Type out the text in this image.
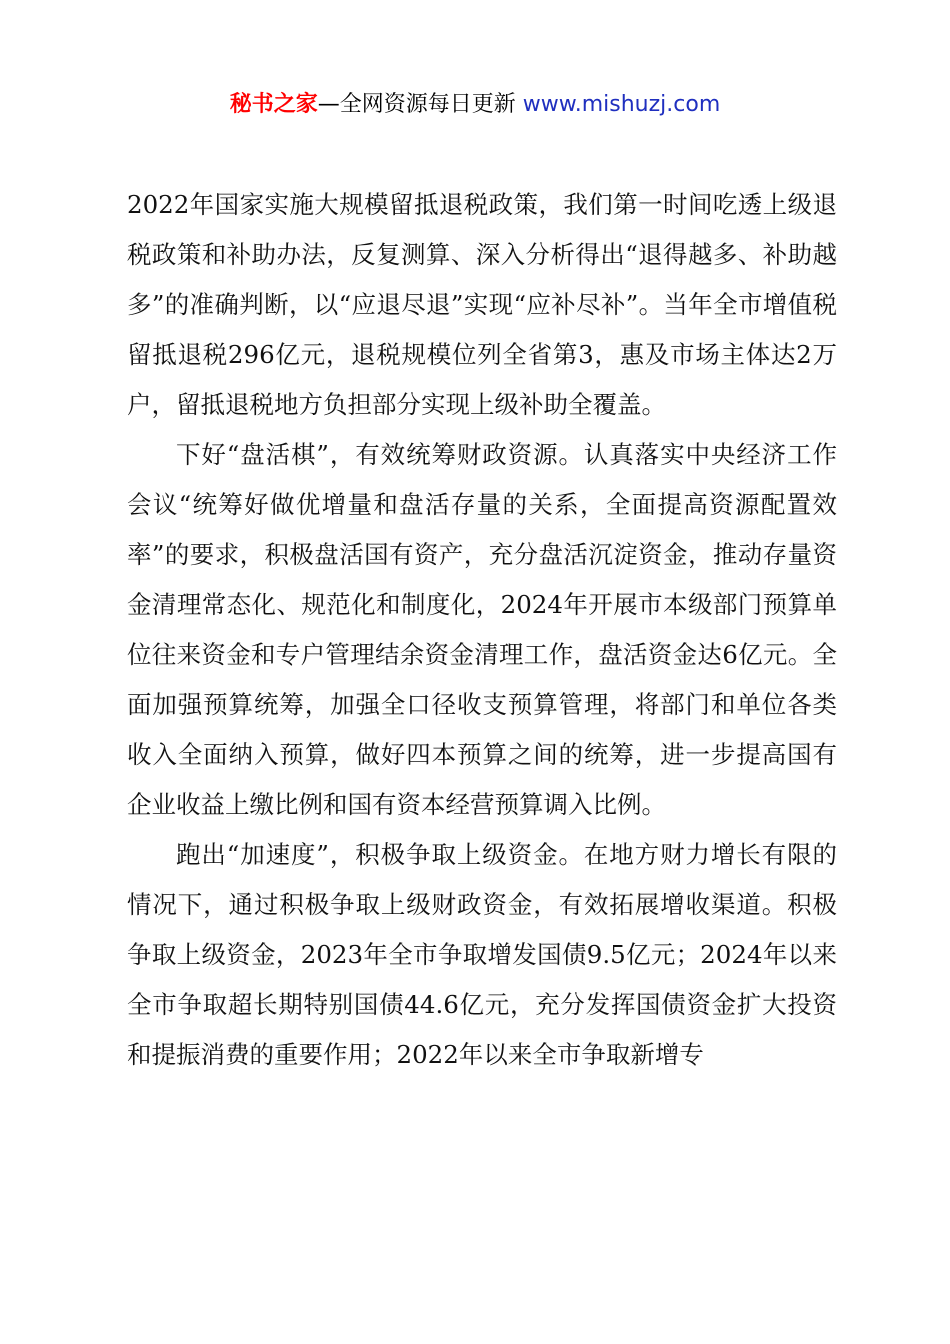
秘书之家—全网资源每日更新 www.mishuzj.com

2022年国家实施大规模留抵退税政策，我们第一时间吃透上级退税政策和补助办法，反复测算、深入分析得出“退得越多、补助越多”的准确判断，以“应退尽退”实现“应补尽补”。当年全市增值税留抵退税296亿元，退税规模位列全省第3，惠及市场主体达2万户，留抵退税地方负担部分实现上级补助全覆盖。

下好“盘活棋”，有效统筹财政资源。认真落实中央经济工作会议“统筹好做优增量和盘活存量的关系，全面提高资源配置效率”的要求，积极盘活国有资产，充分盘活沉淀资金，推动存量资金清理常态化、规范化和制度化，2024年开展市本级部门预算单位往来资金和专户管理结余资金清理工作，盘活资金达6亿元。全面加强预算统筹，加强全口径收支预算管理，将部门和单位各类收入全面纳入预算，做好四本预算之间的统筹，进一步提高国有企业收益上缴比例和国有资本经营预算调入比例。

跑出“加速度”，积极争取上级资金。在地方财力增长有限的情况下，通过积极争取上级财政资金，有效拓展增收渠道。积极争取上级资金，2023年全市争取增发国债9.5亿元；2024年以来全市争取超长期特别国债44.6亿元，充分发挥国债资金扩大投资和提振消费的重要作用；2022年以来全市争取新增专
